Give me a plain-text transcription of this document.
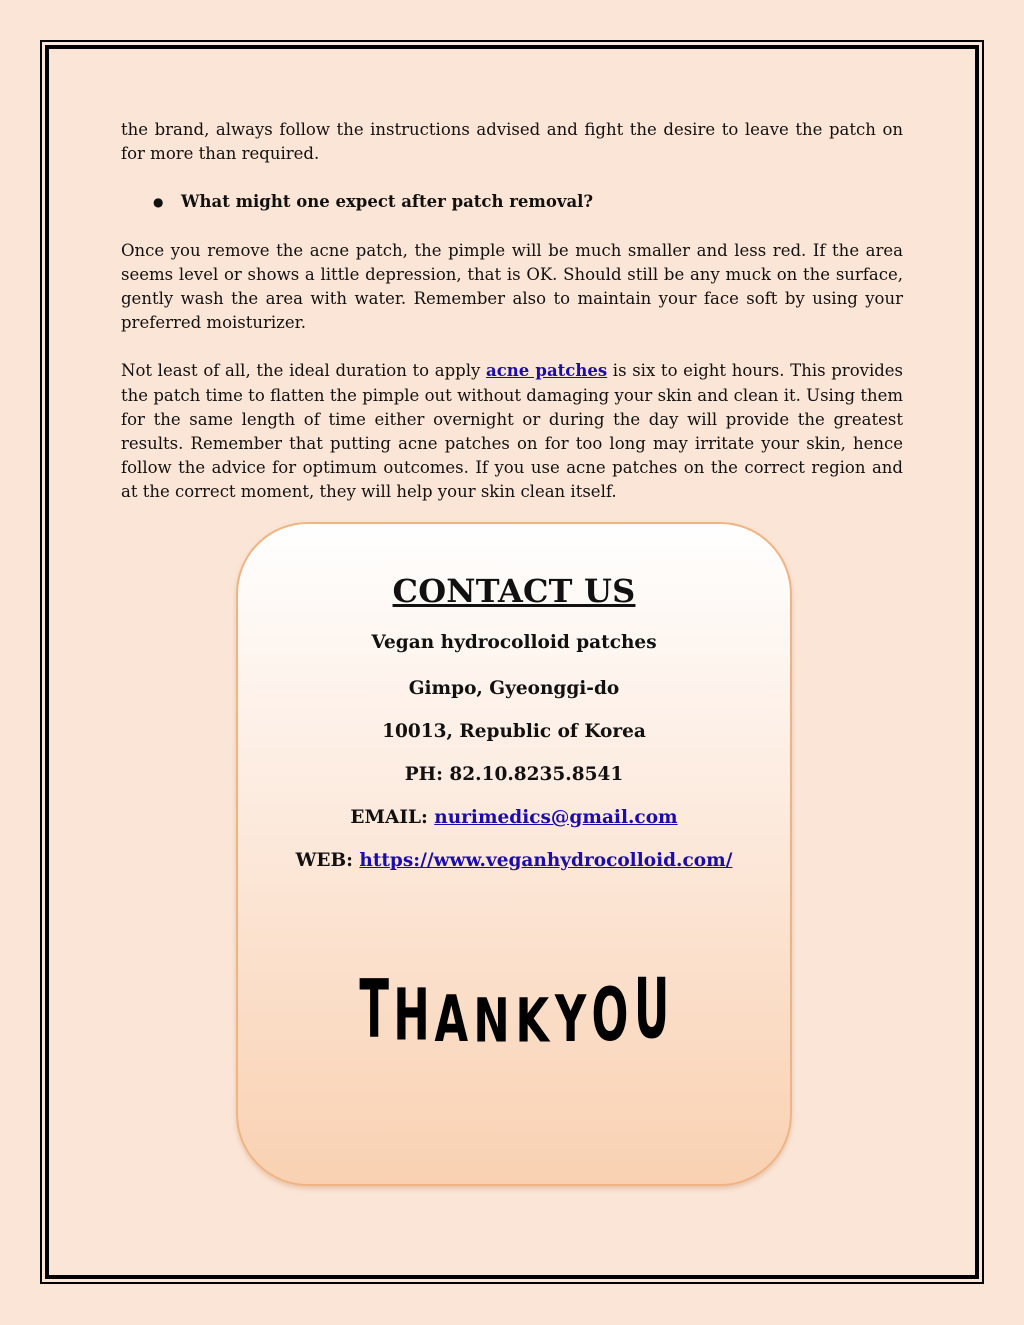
the brand, always follow the instructions advised and fight the desire to leave the patch on for more than required.

●	What might one expect after patch removal?

Once you remove the acne patch, the pimple will be much smaller and less red. If the area seems level or shows a little depression, that is OK. Should still be any muck on the surface, gently wash the area with water. Remember also to maintain your face soft by using your preferred moisturizer.

Not least of all, the ideal duration to apply acne patches is six to eight hours. This provides the patch time to flatten the pimple out without damaging your skin and clean it. Using them for the same length of time either overnight or during the day will provide the greatest results. Remember that putting acne patches on for too long may irritate your skin, hence follow the advice for optimum outcomes. If you use acne patches on the correct region and at the correct moment, they will help your skin clean itself.

CONTACT US
Vegan hydrocolloid patches
Gimpo, Gyeonggi-do
10013, Republic of Korea
PH: 82.10.8235.8541
EMAIL: nurimedics@gmail.com
WEB: https://www.veganhydrocolloid.com/
T H A N K Y O U
